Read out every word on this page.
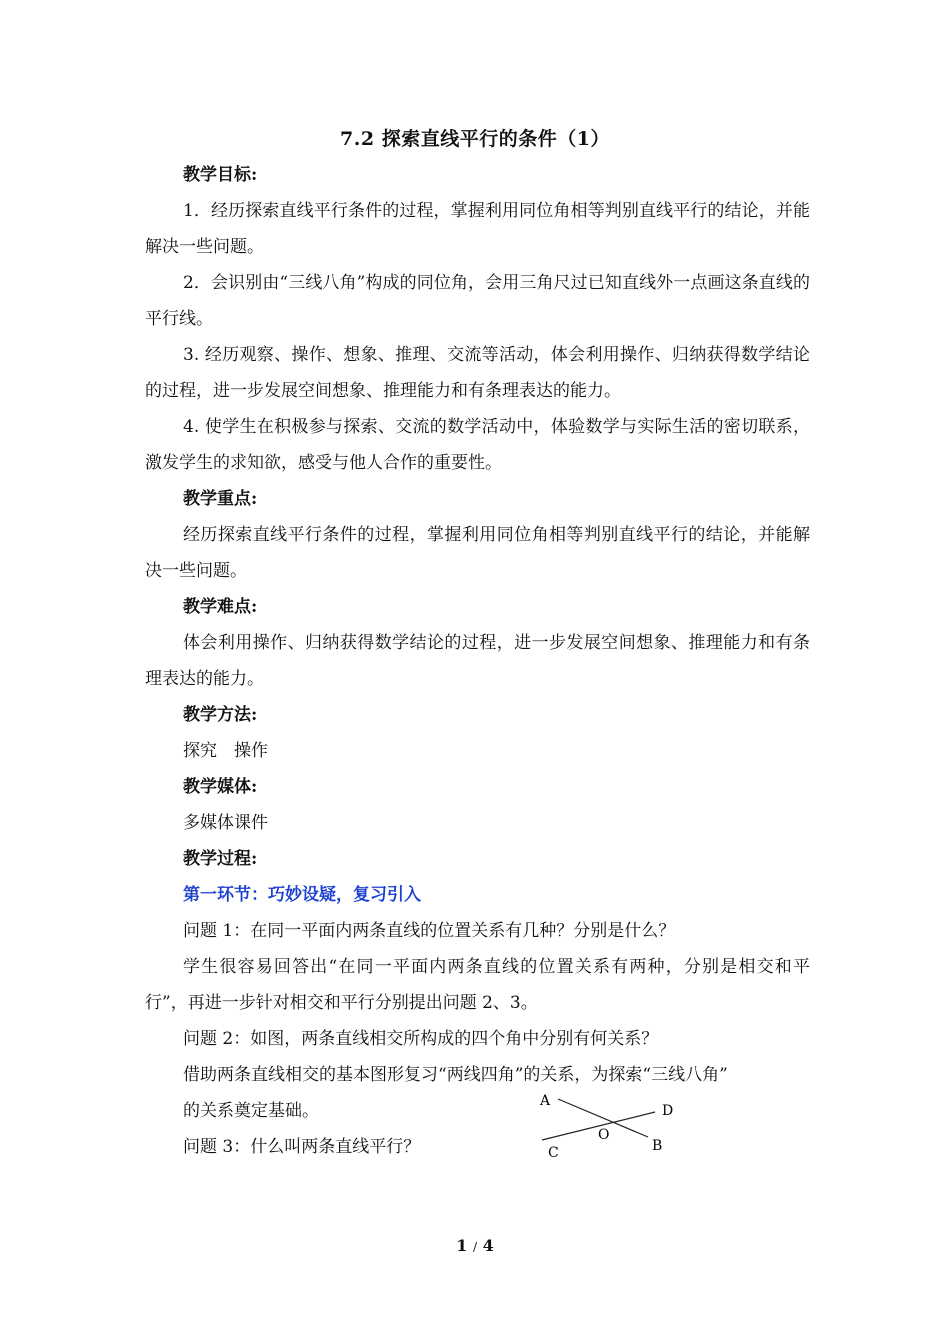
7.2 探索直线平行的条件（1）

教学目标:

1．经历探索直线平行条件的过程，掌握利用同位角相等判别直线平行的结论，并能解决一些问题。

2．会识别由“三线八角”构成的同位角，会用三角尺过已知直线外一点画这条直线的平行线。

3. 经历观察、操作、想象、推理、交流等活动，体会利用操作、归纳获得数学结论的过程，进一步发展空间想象、推理能力和有条理表达的能力。

4. 使学生在积极参与探索、交流的数学活动中，体验数学与实际生活的密切联系，激发学生的求知欲，感受与他人合作的重要性。

教学重点:

经历探索直线平行条件的过程，掌握利用同位角相等判别直线平行的结论，并能解决一些问题。

教学难点:

体会利用操作、归纳获得数学结论的过程，进一步发展空间想象、推理能力和有条理表达的能力。

教学方法:

探究　操作

教学媒体:

多媒体课件

教学过程:

第一环节：巧妙设疑，复习引入

问题 1：在同一平面内两条直线的位置关系有几种？分别是什么？

学生很容易回答出“在同一平面内两条直线的位置关系有两种，分别是相交和平行”，再进一步针对相交和平行分别提出问题 2、3。

问题 2：如图，两条直线相交所构成的四个角中分别有何关系？

借助两条直线相交的基本图形复习“两线四角”的关系，为探索“三线八角”

的关系奠定基础。

问题 3：什么叫两条直线平行？

A
D
O
B
C
1 / 4
